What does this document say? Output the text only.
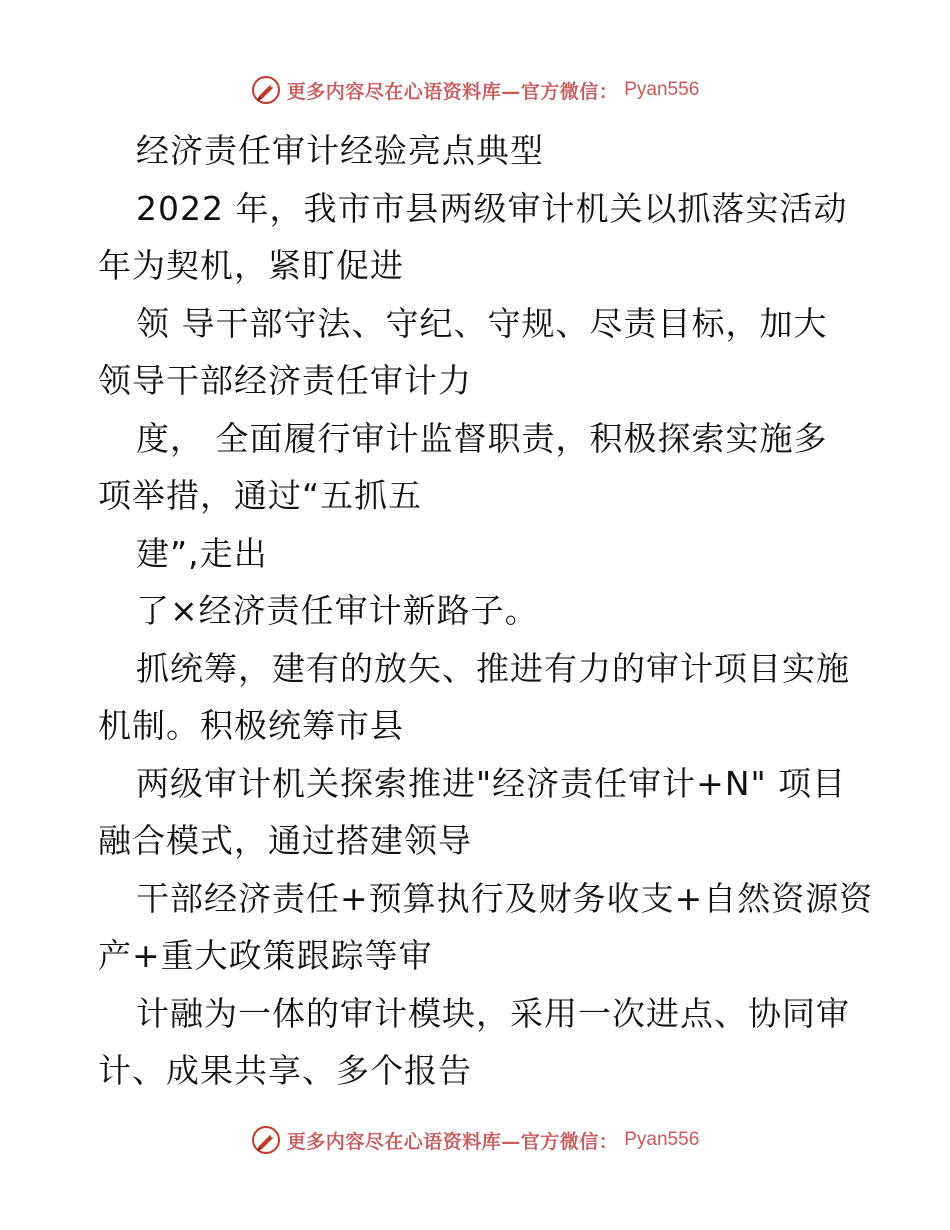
更多内容尽在心语资料库—官方微信： Pyan556
经济责任审计经验亮点典型
2022 年，我市市县两级审计机关以抓落实活动
年为契机，紧盯促进
领 导干部守法、守纪、守规、尽责目标，加大
领导干部经济责任审计力
度， 全面履行审计监督职责，积极探索实施多
项举措，通过“五抓五
建”,走出
了×经济责任审计新路子。
抓统筹，建有的放矢、推进有力的审计项目实施
机制。积极统筹市县
两级审计机关探索推进"经济责任审计+N" 项目
融合模式，通过搭建领导
干部经济责任+预算执行及财务收支+自然资源资
产+重大政策跟踪等审
计融为一体的审计模块，采用一次进点、协同审
计、成果共享、多个报告
更多内容尽在心语资料库—官方微信： Pyan556
